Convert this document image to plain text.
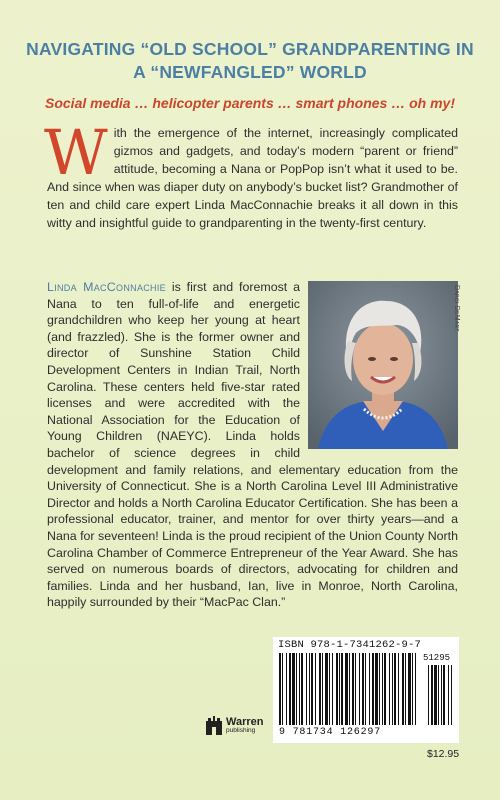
NAVIGATING “OLD SCHOOL” GRANDPARENTING IN A “NEWFANGLED” WORLD
Social media … helicopter parents … smart phones … oh my!
With the emergence of the internet, increasingly complicated gizmos and gadgets, and today’s modern “parent or friend” attitude, becoming a Nana or PopPop isn’t what it used to be. And since when was diaper duty on anybody’s bucket list? Grandmother of ten and child care expert Linda MacConnachie breaks it all down in this witty and insightful guide to grandparenting in the twenty-first century.
Linda MacConnachie is first and foremost a Nana to ten full-of-life and energetic grandchildren who keep her young at heart (and frazzled). She is the former owner and director of Sunshine Station Child Development Centers in Indian Trail, North Carolina. These centers held five-star rated licenses and were accredited with the National Association for the Education of Young Children (NAEYC). Linda holds bachelor of science degrees in child development and family relations, and elementary education from the University of Connecticut. She is a North Carolina Level III Administrative Director and holds a North Carolina Educator Certification. She has been a professional educator, trainer, and mentor for over thirty years—and a Nana for seventeen! Linda is the proud recipient of the Union County North Carolina Chamber of Commerce Entrepreneur of the Year Award. She has served on numerous boards of directors, advocating for children and families. Linda and her husband, Ian, live in Monroe, North Carolina, happily surrounded by their “MacPac Clan.”
Darci DeMart
Warren
publishing
ISBN 978-1-7341262-9-7
9 781734 126297
51295
$12.95
